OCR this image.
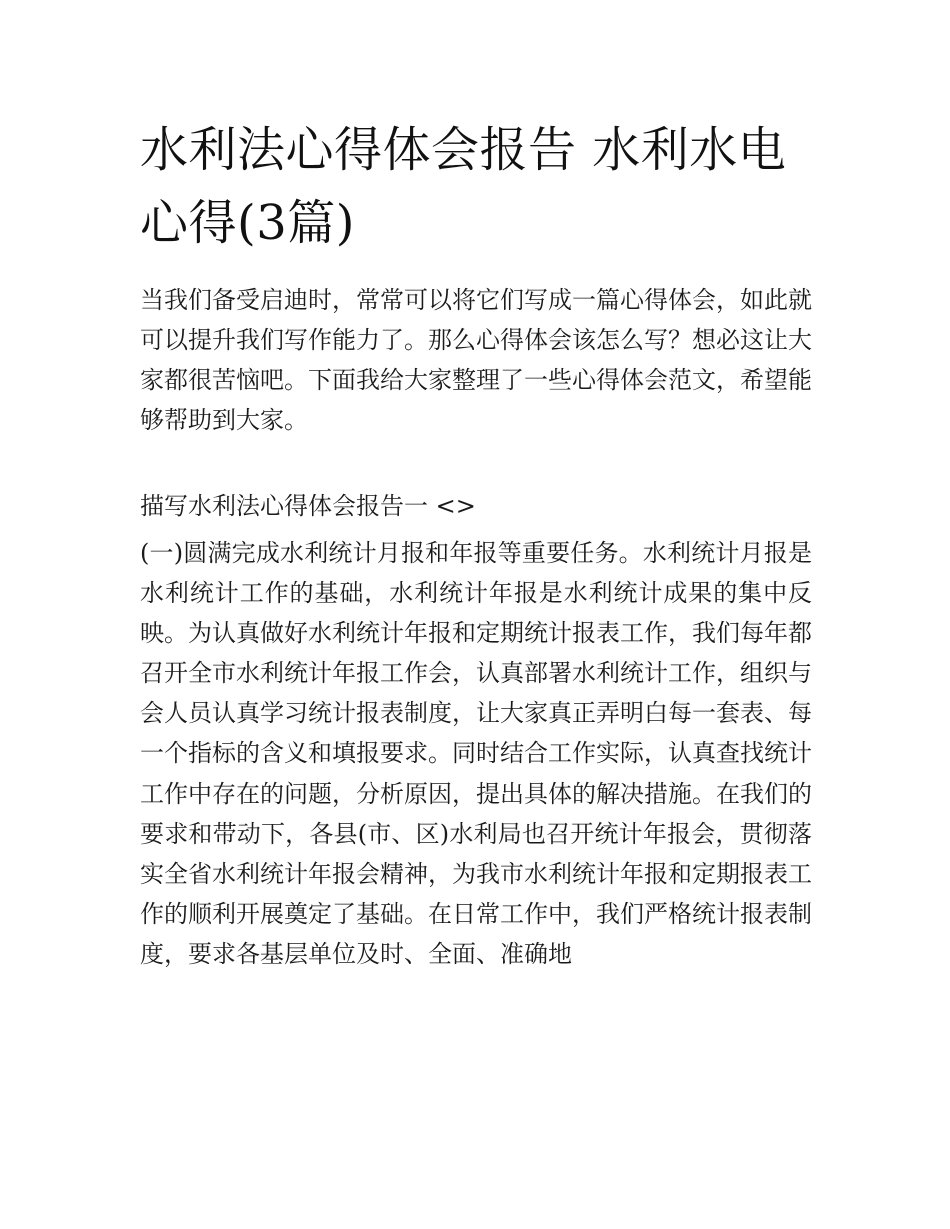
水利法心得体会报告 水利水电心得(3篇)

当我们备受启迪时，常常可以将它们写成一篇心得体会，如此就可以提升我们写作能力了。那么心得体会该怎么写？想必这让大家都很苦恼吧。下面我给大家整理了一些心得体会范文，希望能够帮助到大家。

描写水利法心得体会报告一 <>

(一)圆满完成水利统计月报和年报等重要任务。水利统计月报是水利统计工作的基础，水利统计年报是水利统计成果的集中反映。为认真做好水利统计年报和定期统计报表工作，我们每年都召开全市水利统计年报工作会，认真部署水利统计工作，组织与会人员认真学习统计报表制度，让大家真正弄明白每一套表、每一个指标的含义和填报要求。同时结合工作实际，认真查找统计工作中存在的问题，分析原因，提出具体的解决措施。在我们的要求和带动下，各县(市、区)水利局也召开统计年报会，贯彻落实全省水利统计年报会精神，为我市水利统计年报和定期报表工作的顺利开展奠定了基础。在日常工作中，我们严格统计报表制度，要求各基层单位及时、全面、准确地
